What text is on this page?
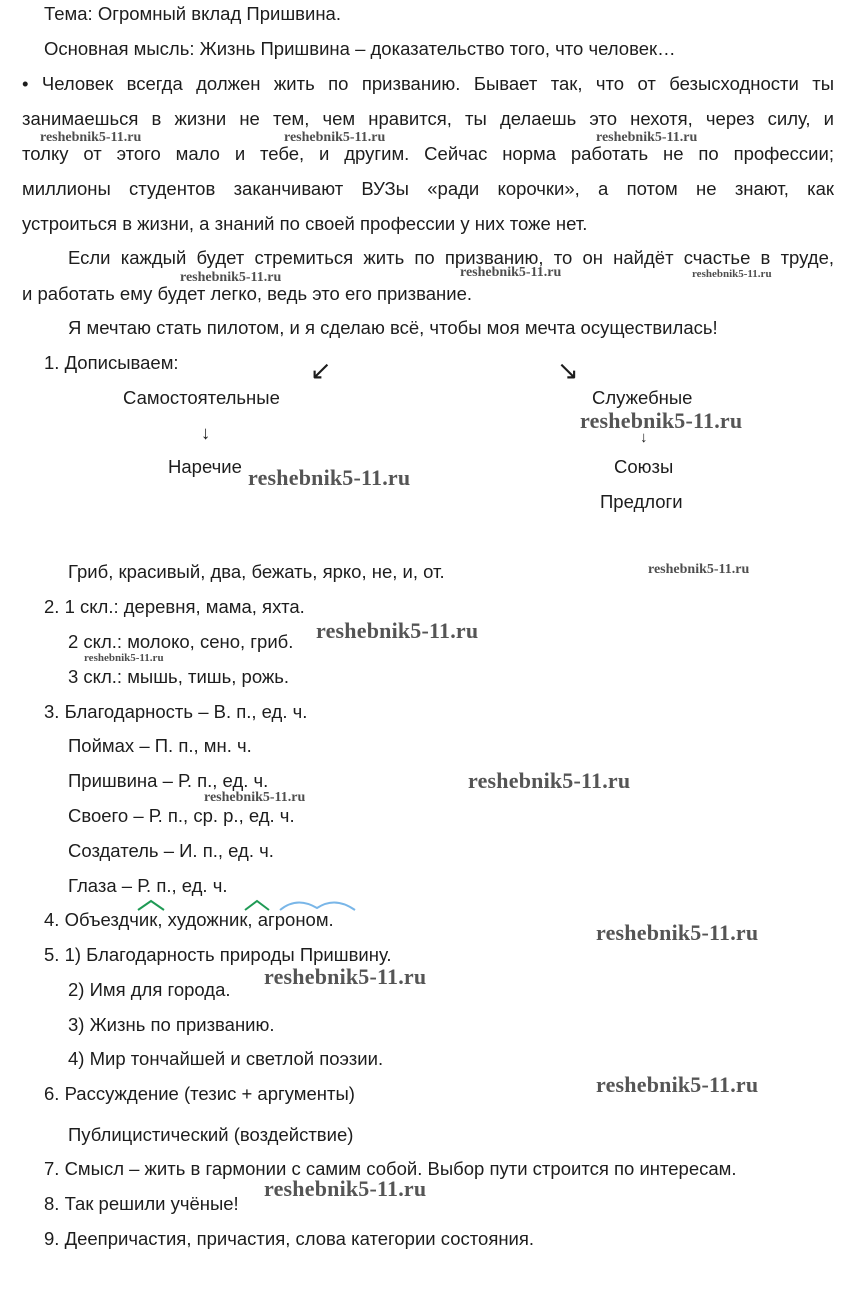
Тема: Огромный вклад Пришвина.
Основная мысль: Жизнь Пришвина – доказательство того, что человек…
• Человек всегда должен жить по призванию. Бывает так, что от безысходности ты
занимаешься в жизни не тем, чем нравится, ты делаешь это нехотя, через силу, и
толку от этого мало и тебе, и другим. Сейчас норма работать не по профессии;
миллионы студентов заканчивают ВУЗы «ради корочки», а потом не знают, как
устроиться в жизни, а знаний по своей профессии у них тоже нет.
Если каждый будет стремиться жить по призванию, то он найдёт счастье в труде,
и работать ему будет легко, ведь это его призвание.
Я мечтаю стать пилотом, и я сделаю всё, чтобы моя мечта осуществилась!
1. Дописываем:	↙	↘
Самостоятельные	Служебные
↓	↓
Наречие	Союзы
Предлоги
Гриб, красивый, два, бежать, ярко, не, и, от.
2. 1 скл.: деревня, мама, яхта.
2 скл.: молоко, сено, гриб.
3 скл.: мышь, тишь, рожь.
3. Благодарность – В. п., ед. ч.
Поймах – П. п., мн. ч.
Пришвина – Р. п., ед. ч.
Своего – Р. п., ср. р., ед. ч.
Создатель – И. п., ед. ч.
Глаза – Р. п., ед. ч.
4. Объездчик, художник, агроном.
5. 1) Благодарность природы Пришвину.
2) Имя для города.
3) Жизнь по призванию.
4) Мир тончайшей и светлой поэзии.
6. Рассуждение (тезис + аргументы)
Публицистический (воздействие)
7. Смысл – жить в гармонии с самим собой. Выбор пути строится по интересам.
8. Так решили учёные!
9. Деепричастия, причастия, слова категории состояния.
reshebnik5-11.ru	reshebnik5-11.ru	reshebnik5-11.ru
reshebnik5-11.ru	reshebnik5-11.ru	reshebnik5-11.ru
reshebnik5-11.ru
reshebnik5-11.ru
reshebnik5-11.ru
reshebnik5-11.ru
reshebnik5-11.ru
reshebnik5-11.ru
reshebnik5-11.ru
reshebnik5-11.ru
reshebnik5-11.ru
reshebnik5-11.ru
reshebnik5-11.ru
